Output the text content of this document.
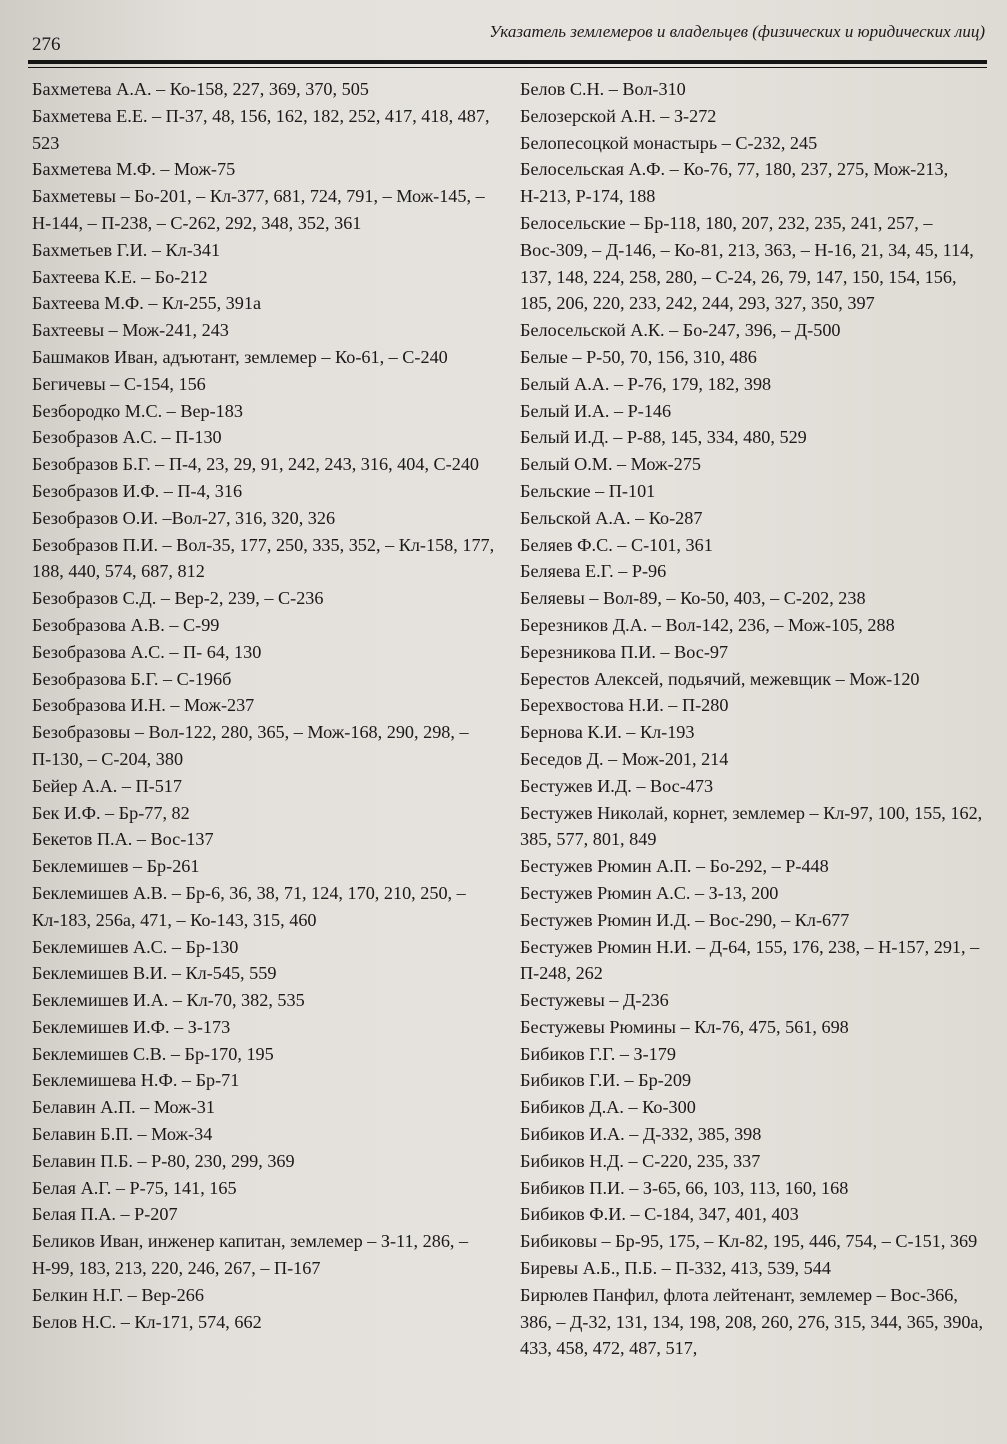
276
Указатель землемеров и владельцев (физических и юридических лиц)

Бахметева А.А. – Ко-158, 227, 369, 370, 505

Бахметева Е.Е. – П-37, 48, 156, 162, 182, 252, 417, 418, 487, 523

Бахметева М.Ф. – Мож-75

Бахметевы – Бо-201, – Кл-377, 681, 724, 791, – Мож-145, – Н-144, – П-238, – С-262, 292, 348, 352, 361

Бахметьев Г.И. – Кл-341

Бахтеева К.Е. – Бо-212

Бахтеева М.Ф. – Кл-255, 391а

Бахтеевы – Мож-241, 243

Башмаков Иван, адъютант, землемер – Ко-61, – С-240

Бегичевы – С-154, 156

Безбородко М.С. – Вер-183

Безобразов А.С. – П-130

Безобразов Б.Г. – П-4, 23, 29, 91, 242, 243, 316, 404, С-240

Безобразов И.Ф. – П-4, 316

Безобразов О.И. –Вол-27, 316, 320, 326

Безобразов П.И. – Вол-35, 177, 250, 335, 352, – Кл-158, 177, 188, 440, 574, 687, 812

Безобразов С.Д. – Вер-2, 239, – С-236

Безобразова А.В. – С-99

Безобразова А.С. – П- 64, 130

Безобразова Б.Г. – С-196б

Безобразова И.Н. – Мож-237

Безобразовы – Вол-122, 280, 365, – Мож-168, 290, 298, – П-130, – С-204, 380

Бейер А.А. – П-517

Бек И.Ф. – Бр-77, 82

Бекетов П.А. – Вос-137

Беклемишев – Бр-261

Беклемишев А.В. – Бр-6, 36, 38, 71, 124, 170, 210, 250, – Кл-183, 256а, 471, – Ко-143, 315, 460

Беклемишев А.С. – Бр-130

Беклемишев В.И. – Кл-545, 559

Беклемишев И.А. – Кл-70, 382, 535

Беклемишев И.Ф. – З-173

Беклемишев С.В. – Бр-170, 195

Беклемишева Н.Ф. – Бр-71

Белавин А.П. – Мож-31

Белавин Б.П. – Мож-34

Белавин П.Б. – Р-80, 230, 299, 369

Белая А.Г. – Р-75, 141, 165

Белая П.А. – Р-207

Беликов Иван, инженер капитан, землемер – З-11, 286, – Н-99, 183, 213, 220, 246, 267, – П-167

Белкин Н.Г. – Вер-266

Белов Н.С. – Кл-171, 574, 662

Белов С.Н. – Вол-310

Белозерской А.Н. – З-272

Белопесоцкой монастырь – С-232, 245

Белосельская А.Ф. – Ко-76, 77, 180, 237, 275, Мож-213, Н-213, Р-174, 188

Белосельские – Бр-118, 180, 207, 232, 235, 241, 257, – Вос-309, – Д-146, – Ко-81, 213, 363, – Н-16, 21, 34, 45, 114, 137, 148, 224, 258, 280, – С-24, 26, 79, 147, 150, 154, 156, 185, 206, 220, 233, 242, 244, 293, 327, 350, 397

Белосельской А.К. – Бо-247, 396, – Д-500

Белые – Р-50, 70, 156, 310, 486

Белый А.А. – Р-76, 179, 182, 398

Белый И.А. – Р-146

Белый И.Д. – Р-88, 145, 334, 480, 529

Белый О.М. – Мож-275

Бельские – П-101

Бельской А.А. – Ко-287

Беляев Ф.С. – С-101, 361

Беляева Е.Г. – Р-96

Беляевы – Вол-89, – Ко-50, 403, – С-202, 238

Березников Д.А. – Вол-142, 236, – Мож-105, 288

Березникова П.И. – Вос-97

Берестов Алексей, подьячий, межевщик – Мож-120

Берехвостова Н.И. – П-280

Бернова К.И. – Кл-193

Беседов Д. – Мож-201, 214

Бестужев И.Д. – Вос-473

Бестужев Николай, корнет, землемер – Кл-97, 100, 155, 162, 385, 577, 801, 849

Бестужев Рюмин А.П. – Бо-292, – Р-448

Бестужев Рюмин А.С. – З-13, 200

Бестужев Рюмин И.Д. – Вос-290, – Кл-677

Бестужев Рюмин Н.И. – Д-64, 155, 176, 238, – Н-157, 291, – П-248, 262

Бестужевы – Д-236

Бестужевы Рюмины – Кл-76, 475, 561, 698

Бибиков Г.Г. – З-179

Бибиков Г.И. – Бр-209

Бибиков Д.А. – Ко-300

Бибиков И.А. – Д-332, 385, 398

Бибиков Н.Д. – С-220, 235, 337

Бибиков П.И. – З-65, 66, 103, 113, 160, 168

Бибиков Ф.И. – С-184, 347, 401, 403

Бибиковы – Бр-95, 175, – Кл-82, 195, 446, 754, – С-151, 369

Биревы А.Б., П.Б. – П-332, 413, 539, 544

Бирюлев Панфил, флота лейтенант, землемер – Вос-366, 386, – Д-32, 131, 134, 198, 208, 260, 276, 315, 344, 365, 390а, 433, 458, 472, 487, 517,
